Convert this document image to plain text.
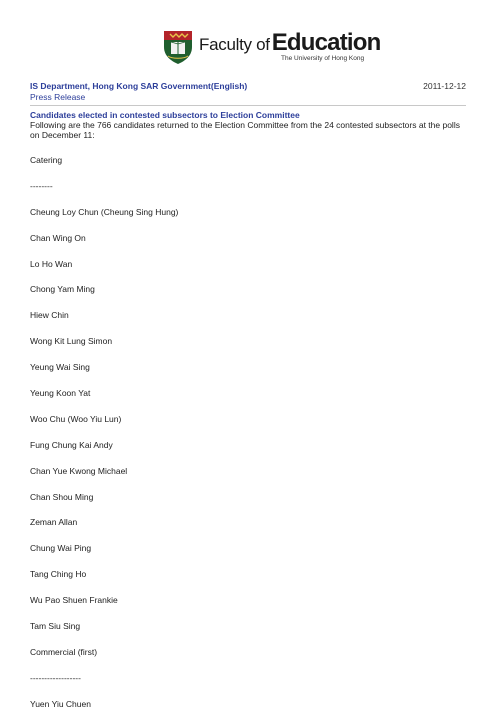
Faculty of Education
The University of Hong Kong
IS Department, Hong Kong SAR Government(English)	2011-12-12
Press Release
Candidates elected in contested subsectors to Election Committee
Following are the 766 candidates returned to the Election Committee from the 24 contested subsectors at the polls on December 11:
Catering
--------
Cheung Loy Chun (Cheung Sing Hung)
Chan Wing On
Lo Ho Wan
Chong Yam Ming
Hiew Chin
Wong Kit Lung Simon
Yeung Wai Sing
Yeung Koon Yat
Woo Chu (Woo Yiu Lun)
Fung Chung Kai Andy
Chan Yue Kwong Michael
Chan Shou Ming
Zeman Allan
Chung Wai Ping
Tang Ching Ho
Wu Pao Shuen Frankie
Tam Siu Sing
Commercial (first)
------------------
Yuen Yiu Chuen
